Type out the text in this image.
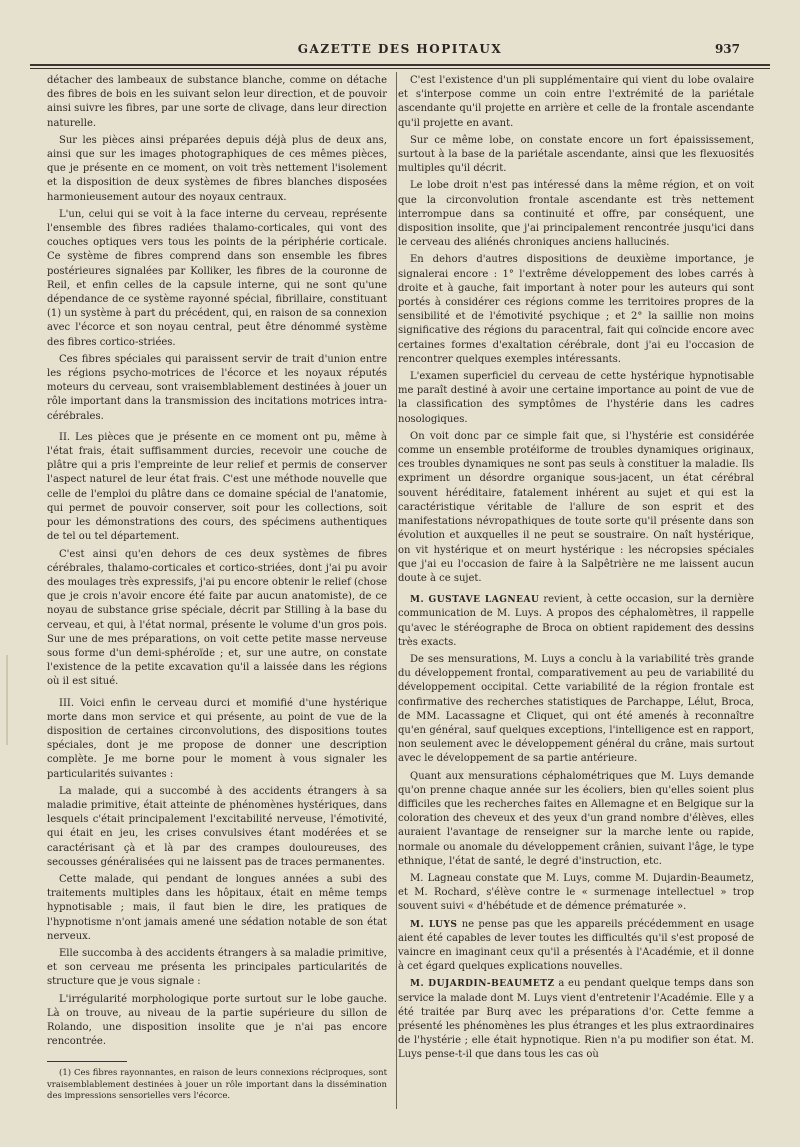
GAZETTE DES HOPITAUX	937

détacher des lambeaux de substance blanche, comme on détache des fibres de bois en les suivant selon leur direction, et de pouvoir ainsi suivre les fibres, par une sorte de clivage, dans leur direction naturelle.

Sur les pièces ainsi préparées depuis déjà plus de deux ans, ainsi que sur les images photographiques de ces mêmes pièces, que je présente en ce moment, on voit très nettement l'isolement et la disposition de deux systèmes de fibres blanches disposées harmonieusement autour des noyaux centraux.

L'un, celui qui se voit à la face interne du cerveau, représente l'ensemble des fibres radiées thalamo-corticales, qui vont des couches optiques vers tous les points de la périphérie corticale. Ce système de fibres comprend dans son ensemble les fibres postérieures signalées par Kolliker, les fibres de la couronne de Reil, et enfin celles de la capsule interne, qui ne sont qu'une dépendance de ce système rayonné spécial, fibrillaire, constituant (1) un système à part du précédent, qui, en raison de sa connexion avec l'écorce et son noyau central, peut être dénommé système des fibres cortico-striées.

Ces fibres spéciales qui paraissent servir de trait d'union entre les régions psycho-motrices de l'écorce et les noyaux réputés moteurs du cerveau, sont vraisemblablement destinées à jouer un rôle important dans la transmission des incitations motrices intra-cérébrales.

II. Les pièces que je présente en ce moment ont pu, même à l'état frais, était suffisamment durcies, recevoir une couche de plâtre qui a pris l'empreinte de leur relief et permis de conserver l'aspect naturel de leur état frais. C'est une méthode nouvelle que celle de l'emploi du plâtre dans ce domaine spécial de l'anatomie, qui permet de pouvoir conserver, soit pour les collections, soit pour les démonstrations des cours, des spécimens authentiques de tel ou tel département.

C'est ainsi qu'en dehors de ces deux systèmes de fibres cérébrales, thalamo-corticales et cortico-striées, dont j'ai pu avoir des moulages très expressifs, j'ai pu encore obtenir le relief (chose que je crois n'avoir encore été faite par aucun anatomiste), de ce noyau de substance grise spéciale, décrit par Stilling à la base du cerveau, et qui, à l'état normal, présente le volume d'un gros pois. Sur une de mes préparations, on voit cette petite masse nerveuse sous forme d'un demi-sphéroïde ; et, sur une autre, on constate l'existence de la petite excavation qu'il a laissée dans les régions où il est situé.

III. Voici enfin le cerveau durci et momifié d'une hystérique morte dans mon service et qui présente, au point de vue de la disposition de certaines circonvolutions, des dispositions toutes spéciales, dont je me propose de donner une description complète. Je me borne pour le moment à vous signaler les particularités suivantes :

La malade, qui a succombé à des accidents étrangers à sa maladie primitive, était atteinte de phénomènes hystériques, dans lesquels c'était principalement l'excitabilité nerveuse, l'émotivité, qui était en jeu, les crises convulsives étant modérées et se caractérisant çà et là par des crampes douloureuses, des secousses généralisées qui ne laissent pas de traces permanentes.

Cette malade, qui pendant de longues années a subi des traitements multiples dans les hôpitaux, était en même temps hypnotisable ; mais, il faut bien le dire, les pratiques de l'hypnotisme n'ont jamais amené une sédation notable de son état nerveux.

Elle succomba à des accidents étrangers à sa maladie primitive, et son cerveau me présenta les principales particularités de structure que je vous signale :

L'irrégularité morphologique porte surtout sur le lobe gauche. Là on trouve, au niveau de la partie supérieure du sillon de Rolando, une disposition insolite que je n'ai pas encore rencontrée.

(1) Ces fibres rayonnantes, en raison de leurs connexions réciproques, sont vraisemblablement destinées à jouer un rôle important dans la dissémination des impressions sensorielles vers l'écorce.

C'est l'existence d'un pli supplémentaire qui vient du lobe ovalaire et s'interpose comme un coin entre l'extrémité de la pariétale ascendante qu'il projette en arrière et celle de la frontale ascendante qu'il projette en avant.

Sur ce même lobe, on constate encore un fort épaississement, surtout à la base de la pariétale ascendante, ainsi que les flexuosités multiples qu'il décrit.

Le lobe droit n'est pas intéressé dans la même région, et on voit que la circonvolution frontale ascendante est très nettement interrompue dans sa continuité et offre, par conséquent, une disposition insolite, que j'ai principalement rencontrée jusqu'ici dans le cerveau des aliénés chroniques anciens hallucinés.

En dehors d'autres dispositions de deuxième importance, je signalerai encore : 1° l'extrême développement des lobes carrés à droite et à gauche, fait important à noter pour les auteurs qui sont portés à considérer ces régions comme les territoires propres de la sensibilité et de l'émotivité psychique ; et 2° la saillie non moins significative des régions du paracentral, fait qui coïncide encore avec certaines formes d'exaltation cérébrale, dont j'ai eu l'occasion de rencontrer quelques exemples intéressants.

L'examen superficiel du cerveau de cette hystérique hypnotisable me paraît destiné à avoir une certaine importance au point de vue de la classification des symptômes de l'hystérie dans les cadres nosologiques.

On voit donc par ce simple fait que, si l'hystérie est considérée comme un ensemble protéiforme de troubles dynamiques originaux, ces troubles dynamiques ne sont pas seuls à constituer la maladie. Ils expriment un désordre organique sous-jacent, un état cérébral souvent héréditaire, fatalement inhérent au sujet et qui est la caractéristique véritable de l'allure de son esprit et des manifestations névropathiques de toute sorte qu'il présente dans son évolution et auxquelles il ne peut se soustraire. On naît hystérique, on vit hystérique et on meurt hystérique : les nécropsies spéciales que j'ai eu l'occasion de faire à la Salpêtrière ne me laissent aucun doute à ce sujet.

M. GUSTAVE LAGNEAU revient, à cette occasion, sur la dernière communication de M. Luys. A propos des céphalomètres, il rappelle qu'avec le stéréographe de Broca on obtient rapidement des dessins très exacts.

De ses mensurations, M. Luys a conclu à la variabilité très grande du développement frontal, comparativement au peu de variabilité du développement occipital. Cette variabilité de la région frontale est confirmative des recherches statistiques de Parchappe, Lélut, Broca, de MM. Lacassagne et Cliquet, qui ont été amenés à reconnaître qu'en général, sauf quelques exceptions, l'intelligence est en rapport, non seulement avec le développement général du crâne, mais surtout avec le développement de sa partie antérieure.

Quant aux mensurations céphalométriques que M. Luys demande qu'on prenne chaque année sur les écoliers, bien qu'elles soient plus difficiles que les recherches faites en Allemagne et en Belgique sur la coloration des cheveux et des yeux d'un grand nombre d'élèves, elles auraient l'avantage de renseigner sur la marche lente ou rapide, normale ou anomale du développement crânien, suivant l'âge, le type ethnique, l'état de santé, le degré d'instruction, etc.

M. Lagneau constate que M. Luys, comme M. Dujardin-Beaumetz, et M. Rochard, s'élève contre le « surmenage intellectuel » trop souvent suivi « d'hébétude et de démence prématurée ».

M. LUYS ne pense pas que les appareils précédemment en usage aient été capables de lever toutes les difficultés qu'il s'est proposé de vaincre en imaginant ceux qu'il a présentés à l'Académie, et il donne à cet égard quelques explications nouvelles.

M. DUJARDIN-BEAUMETZ a eu pendant quelque temps dans son service la malade dont M. Luys vient d'entretenir l'Académie. Elle y a été traitée par Burq avec les préparations d'or. Cette femme a présenté les phénomènes les plus étranges et les plus extraordinaires de l'hystérie ; elle était hypnotique. Rien n'a pu modifier son état. M. Luys pense-t-il que dans tous les cas où
